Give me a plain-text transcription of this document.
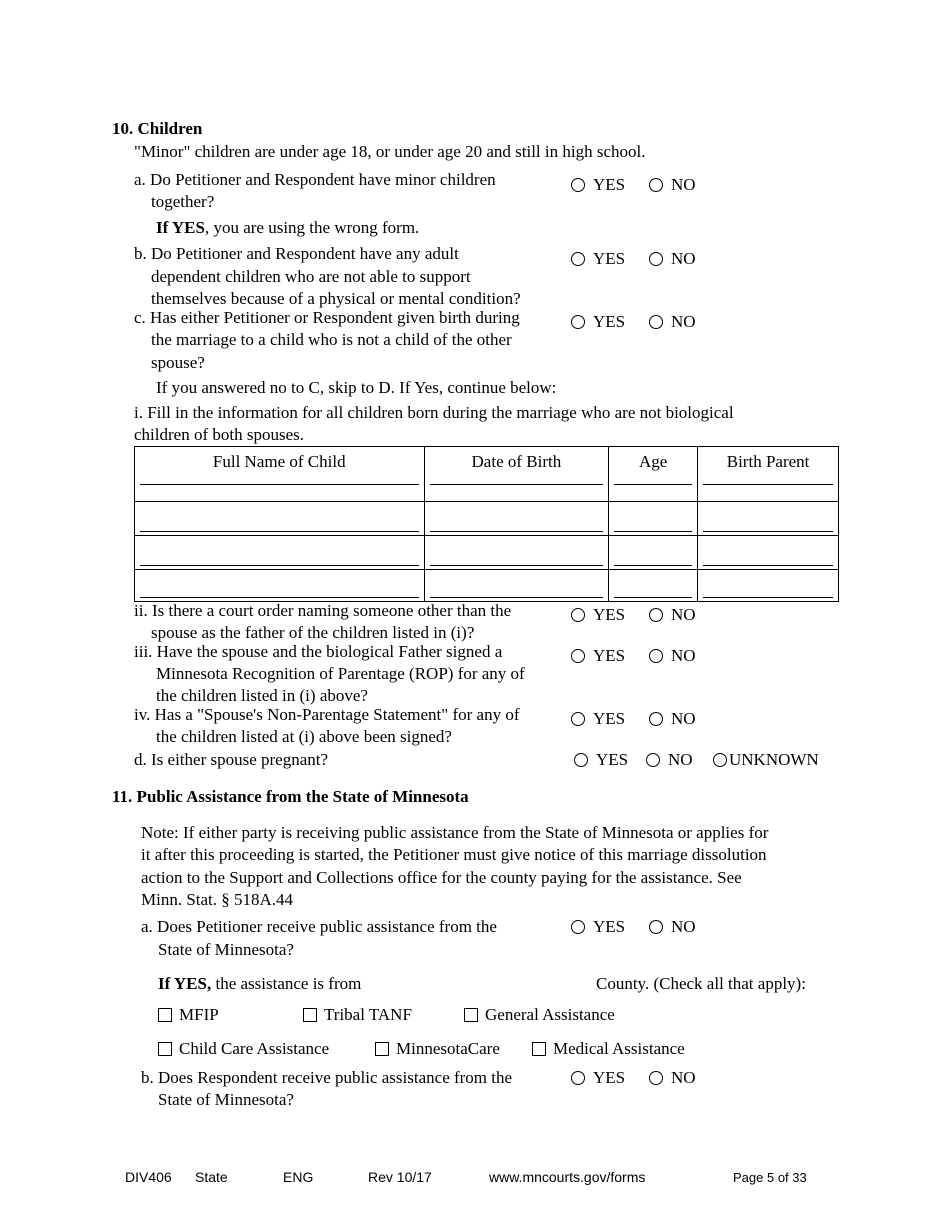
10. Children
"Minor" children are under age 18, or under age 20 and still in high school.
a. Do Petitioner and Respondent have minor children
together?
YES	NO
If YES, you are using the wrong form.
b. Do Petitioner and Respondent have any adult
dependent children who are not able to support
themselves because of a physical or mental condition?
YES	NO
c. Has either Petitioner or Respondent given birth during
the marriage to a child who is not a child of the other
spouse?
YES	NO
If you answered no to C, skip to D. If Yes, continue below:
i. Fill in the information for all children born during the marriage who are not biological
children of both spouses.
Full Name of Child	Date of Birth	Age	Birth Parent

ii. Is there a court order naming someone other than the
spouse as the father of the children listed in (i)?
YES	NO
iii. Have the spouse and the biological Father signed a
Minnesota Recognition of Parentage (ROP) for any of
the children listed in (i) above?
YES	NO
iv. Has a "Spouse's Non-Parentage Statement" for any of
the children listed at (i) above been signed?
YES	NO
d. Is either spouse pregnant?	YES NO UNKNOWN
11. Public Assistance from the State of Minnesota
Note: If either party is receiving public assistance from the State of Minnesota or applies for
it after this proceeding is started, the Petitioner must give notice of this marriage dissolution
action to the Support and Collections office for the county paying for the assistance. See
Minn. Stat. § 518A.44
a. Does Petitioner receive public assistance from the
State of Minnesota?
YES	NO
If YES, the assistance is from	County. (Check all that apply):
MFIP	Tribal TANF	General Assistance
Child Care Assistance	MinnesotaCare	Medical Assistance
b. Does Respondent receive public assistance from the
State of Minnesota?
YES	NO
DIV406 State	ENG	Rev 10/17	www.mncourts.gov/forms	Page 5 of 33
